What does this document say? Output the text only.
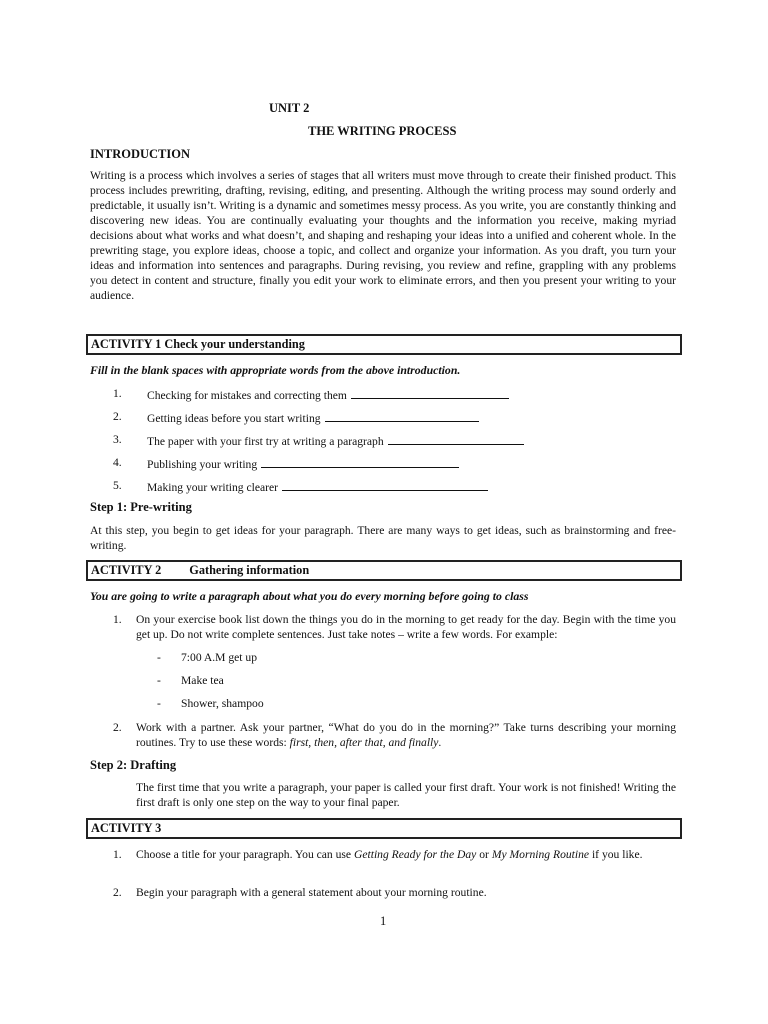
UNIT 2
THE WRITING PROCESS
INTRODUCTION
Writing is a process which involves a series of stages that all writers must move through to create their finished product. This process includes prewriting, drafting, revising, editing, and presenting. Although the writing process may sound orderly and predictable, it usually isn’t. Writing is a dynamic and sometimes messy process. As you write, you are constantly thinking and discovering new ideas. You are continually evaluating your thoughts and the information you receive, making myriad decisions about what works and what doesn’t, and shaping and reshaping your ideas into a unified and coherent whole. In the prewriting stage, you explore ideas, choose a topic, and collect and organize your information. As you draft, you turn your ideas and information into sentences and paragraphs. During revising, you review and refine, grappling with any problems you detect in content and structure, finally you edit your work to eliminate errors, and then you present your writing to your audience.
ACTIVITY 1 Check your understanding
Fill in the blank spaces with appropriate words from the above introduction.
1. Checking for mistakes and correcting them
2. Getting ideas before you start writing
3. The paper with your first try at writing a paragraph
4. Publishing your writing
5. Making your writing clearer
Step 1: Pre-writing
At this step, you begin to get ideas for your paragraph. There are many ways to get ideas, such as brainstorming and free-writing.
ACTIVITY 2 Gathering information
You are going to write a paragraph about what you do every morning before going to class
1. On your exercise book list down the things you do in the morning to get ready for the day. Begin with the time you get up. Do not write complete sentences. Just take notes – write a few words. For example:
- 7:00 A.M get up
- Make tea
- Shower, shampoo
2. Work with a partner. Ask your partner, “What do you do in the morning?” Take turns describing your morning routines. Try to use these words: first, then, after that, and finally.
Step 2: Drafting
The first time that you write a paragraph, your paper is called your first draft. Your work is not finished! Writing the first draft is only one step on the way to your final paper.
ACTIVITY 3
1. Choose a title for your paragraph. You can use Getting Ready for the Day or My Morning Routine if you like.
2. Begin your paragraph with a general statement about your morning routine.
1
